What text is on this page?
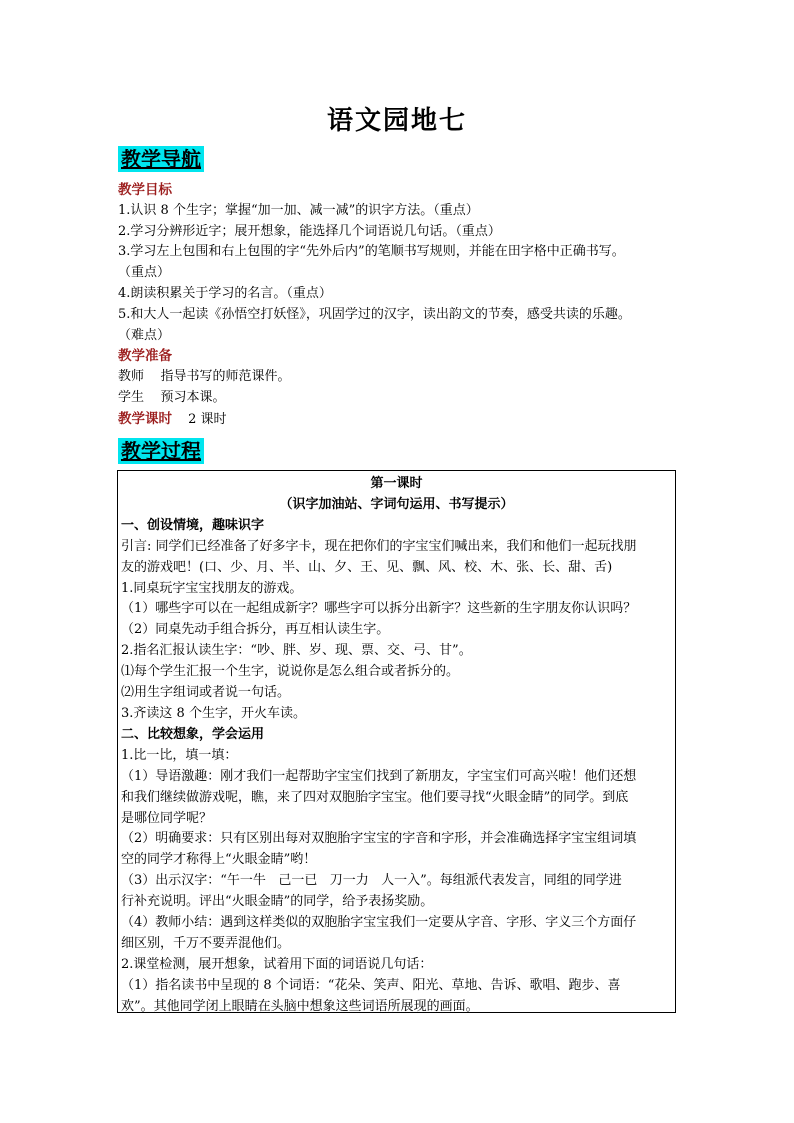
语文园地七
教学导航
教学目标
1.认识 8 个生字；掌握“加一加、减一减”的识字方法。（重点）
2.学习分辨形近字；展开想象，能选择几个词语说几句话。（重点）
3.学习左上包围和右上包围的字“先外后内”的笔顺书写规则，并能在田字格中正确书写。
（重点）
4.朗读积累关于学习的名言。（重点）
5.和大人一起读《孙悟空打妖怪》，巩固学过的汉字，读出韵文的节奏，感受共读的乐趣。
（难点）
教学准备
教师    指导书写的师范课件。
学生    预习本课。
教学课时 2 课时
教学过程
第一课时
（识字加油站、字词句运用、书写提示）
一、创设情境，趣味识字
引言: 同学们已经准备了好多字卡，现在把你们的字宝宝们喊出来，我们和他们一起玩找朋
友的游戏吧！(口、少、月、半、山、夕、王、见、飘、风、校、木、张、长、甜、舌)
1.同桌玩字宝宝找朋友的游戏。
（1）哪些字可以在一起组成新字？哪些字可以拆分出新字？这些新的生字朋友你认识吗？
（2）同桌先动手组合拆分，再互相认读生字。
2.指名汇报认读生字：“吵、胖、岁、现、票、交、弓、甘”。
⑴每个学生汇报一个生字，说说你是怎么组合或者拆分的。
⑵用生字组词或者说一句话。
3.齐读这 8 个生字，开火车读。
二、比较想象，学会运用
1.比一比，填一填：
（1）导语激趣：刚才我们一起帮助字宝宝们找到了新朋友，字宝宝们可高兴啦！他们还想
和我们继续做游戏呢，瞧，来了四对双胞胎字宝宝。他们要寻找“火眼金睛”的同学。到底
是哪位同学呢？
（2）明确要求：只有区别出每对双胞胎字宝宝的字音和字形，并会准确选择字宝宝组词填
空的同学才称得上“火眼金睛”哟！
（3）出示汉字：“午一牛   己一已   刀一力   人一入”。每组派代表发言，同组的同学进
行补充说明。评出“火眼金睛”的同学，给予表扬奖励。
（4）教师小结：遇到这样类似的双胞胎字宝宝我们一定要从字音、字形、字义三个方面仔
细区别，千万不要弄混他们。
2.课堂检测，展开想象，试着用下面的词语说几句话：
（1）指名读书中呈现的 8 个词语：“花朵、笑声、阳光、草地、告诉、歌唱、跑步、喜
欢”。其他同学闭上眼睛在头脑中想象这些词语所展现的画面。
